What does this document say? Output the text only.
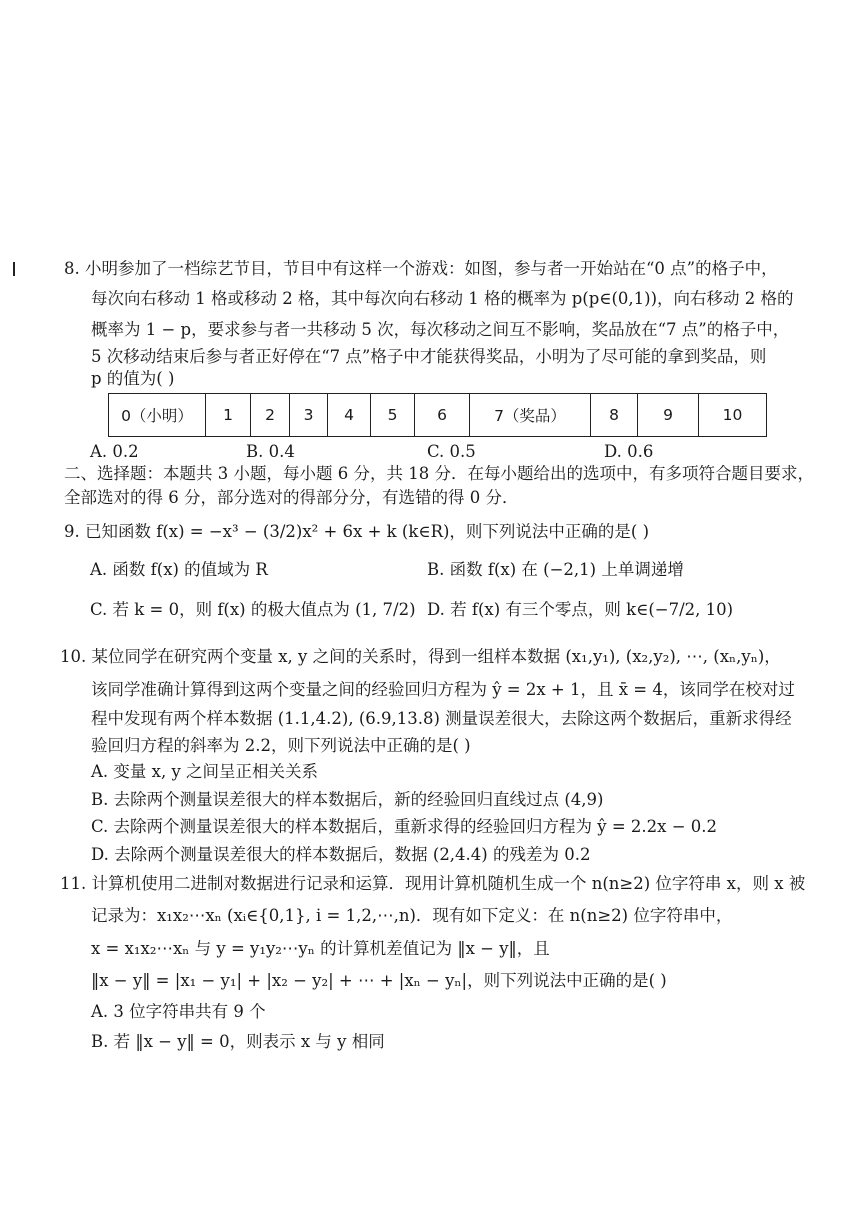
8. 小明参加了一档综艺节目，节目中有这样一个游戏：如图，参与者一开始站在“0 点”的格子中，
每次向右移动 1 格或移动 2 格，其中每次向右移动 1 格的概率为 p(p∈(0,1))，向右移动 2 格的
概率为 1 − p，要求参与者一共移动 5 次，每次移动之间互不影响，奖品放在“7 点”的格子中，
5 次移动结束后参与者正好停在“7 点”格子中才能获得奖品，小明为了尽可能的拿到奖品，则
p 的值为( )
0（小明）	1	2	3	4	5	6	7（奖品）	8	9	10
A. 0.2	B. 0.4	C. 0.5	D. 0.6
二、选择题：本题共 3 小题，每小题 6 分，共 18 分．在每小题给出的选项中，有多项符合题目要求，
全部选对的得 6 分，部分选对的得部分分，有选错的得 0 分．
9. 已知函数 f(x) = −x³ − (3/2)x² + 6x + k (k∈R)，则下列说法中正确的是( )
A. 函数 f(x) 的值域为 R	B. 函数 f(x) 在 (−2,1) 上单调递增
C. 若 k = 0，则 f(x) 的极大值点为 (1, 7/2) D. 若 f(x) 有三个零点，则 k∈(−7/2, 10)
10. 某位同学在研究两个变量 x, y 之间的关系时，得到一组样本数据 (x₁,y₁), (x₂,y₂), ⋯, (xₙ,yₙ)，
该同学准确计算得到这两个变量之间的经验回归方程为 ŷ = 2x + 1，且 x̄ = 4，该同学在校对过
程中发现有两个样本数据 (1.1,4.2), (6.9,13.8) 测量误差很大，去除这两个数据后，重新求得经
验回归方程的斜率为 2.2，则下列说法中正确的是( )
A. 变量 x, y 之间呈正相关关系
B. 去除两个测量误差很大的样本数据后，新的经验回归直线过点 (4,9)
C. 去除两个测量误差很大的样本数据后，重新求得的经验回归方程为 ŷ = 2.2x − 0.2
D. 去除两个测量误差很大的样本数据后，数据 (2,4.4) 的残差为 0.2
11. 计算机使用二进制对数据进行记录和运算．现用计算机随机生成一个 n(n≥2) 位字符串 x，则 x 被
记录为：x₁x₂⋯xₙ (xᵢ∈{0,1}, i = 1,2,⋯,n)．现有如下定义：在 n(n≥2) 位字符串中，
x = x₁x₂⋯xₙ 与 y = y₁y₂⋯yₙ 的计算机差值记为 ‖x − y‖，且
‖x − y‖ = |x₁ − y₁| + |x₂ − y₂| + ⋯ + |xₙ − yₙ|，则下列说法中正确的是( )
A. 3 位字符串共有 9 个
B. 若 ‖x − y‖ = 0，则表示 x 与 y 相同
